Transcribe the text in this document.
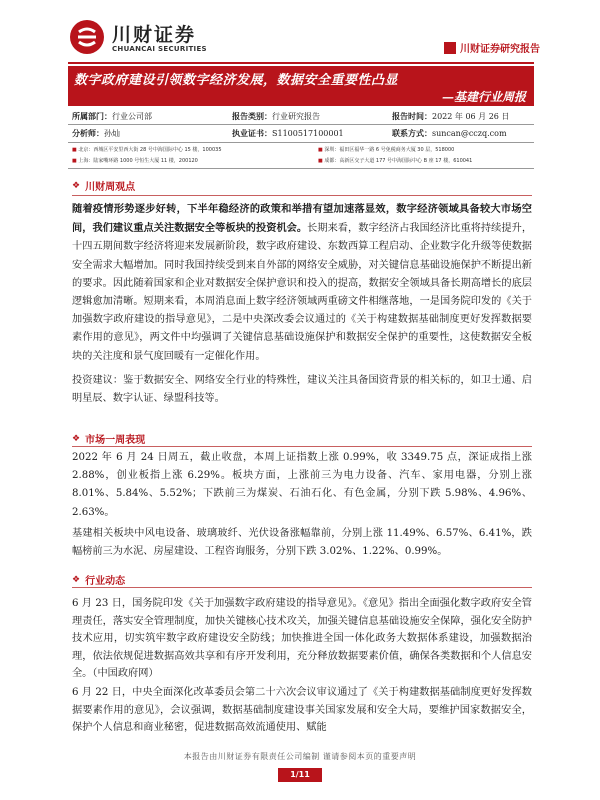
川财证券
CHUANCAI SECURITIES	川财证券研究报告
数字政府建设引领数字经济发展，数据安全重要性凸显
—基建行业周报
所属部门：行业公司部	报告类别：行业研究报告	报告时间：2022 年 06 月 26 日
分析师：孙灿	执业证书：S1100517100001	联系方式：suncan@cczq.com
■ 北京：西城区平安里西大街 28 号中海国际中心 15 楼，100035	■ 深圳：福田区福华一路 6 号免税商务大厦 30 层，518000
■ 上海：陆家嘴环路 1000 号恒生大厦 11 楼，200120	■ 成都：高新区交子大道 177 号中海国际中心 B 座 17 楼，610041
❖ 川财周观点
随着疫情形势逐步好转，下半年稳经济的政策和举措有望加速落显效，数字经济领域具备较大市场空间，我们建议重点关注数据安全等板块的投资机会。长期来看，数字经济占我国经济比重将持续提升，十四五期间数字经济将迎来发展新阶段，数字政府建设、东数西算工程启动、企业数字化升级等使数据安全需求大幅增加。同时我国持续受到来自外部的网络安全威胁，对关键信息基础设施保护不断提出新的要求。因此随着国家和企业对数据安全保护意识和投入的提高，数据安全领域具备长期高增长的底层逻辑愈加清晰。短期来看，本周消息面上数字经济领域两重磅文件相继落地，一是国务院印发的《关于加强数字政府建设的指导意见》，二是中央深改委会议通过的《关于构建数据基础制度更好发挥数据要素作用的意见》，两文件中均强调了关键信息基础设施保护和数据安全保护的重要性，这使数据安全板块的关注度和景气度回暖有一定催化作用。
投资建议：鉴于数据安全、网络安全行业的特殊性，建议关注具备国资背景的相关标的，如卫士通、启明星辰、数字认证、绿盟科技等。
❖ 市场一周表现
2022 年 6 月 24 日周五，截止收盘，本周上证指数上涨 0.99%，收 3349.75 点，深证成指上涨 2.88%，创业板指上涨 6.29%。板块方面，上涨前三为电力设备、汽车、家用电器，分别上涨 8.01%、5.84%、5.52%；下跌前三为煤炭、石油石化、有色金属，分别下跌 5.98%、4.96%、2.63%。
基建相关板块中风电设备、玻璃玻纤、光伏设备涨幅靠前，分别上涨 11.49%、6.57%、6.41%，跌幅榜前三为水泥、房屋建设、工程咨询服务，分别下跌 3.02%、1.22%、0.99%。
❖ 行业动态
6 月 23 日，国务院印发《关于加强数字政府建设的指导意见》。《意见》指出全面强化数字政府安全管理责任，落实安全管理制度，加快关键核心技术攻关，加强关键信息基础设施安全保障，强化安全防护技术应用，切实筑牢数字政府建设安全防线；加快推进全国一体化政务大数据体系建设，加强数据治理，依法依规促进数据高效共享和有序开发利用，充分释放数据要素价值，确保各类数据和个人信息安全。（中国政府网）
6 月 22 日，中央全面深化改革委员会第二十六次会议审议通过了《关于构建数据基础制度更好发挥数据要素作用的意见》，会议强调，数据基础制度建设事关国家发展和安全大局，要维护国家数据安全，保护个人信息和商业秘密，促进数据高效流通使用、赋能
本报告由川财证券有限责任公司编制 谨请参阅本页的重要声明
1/11
